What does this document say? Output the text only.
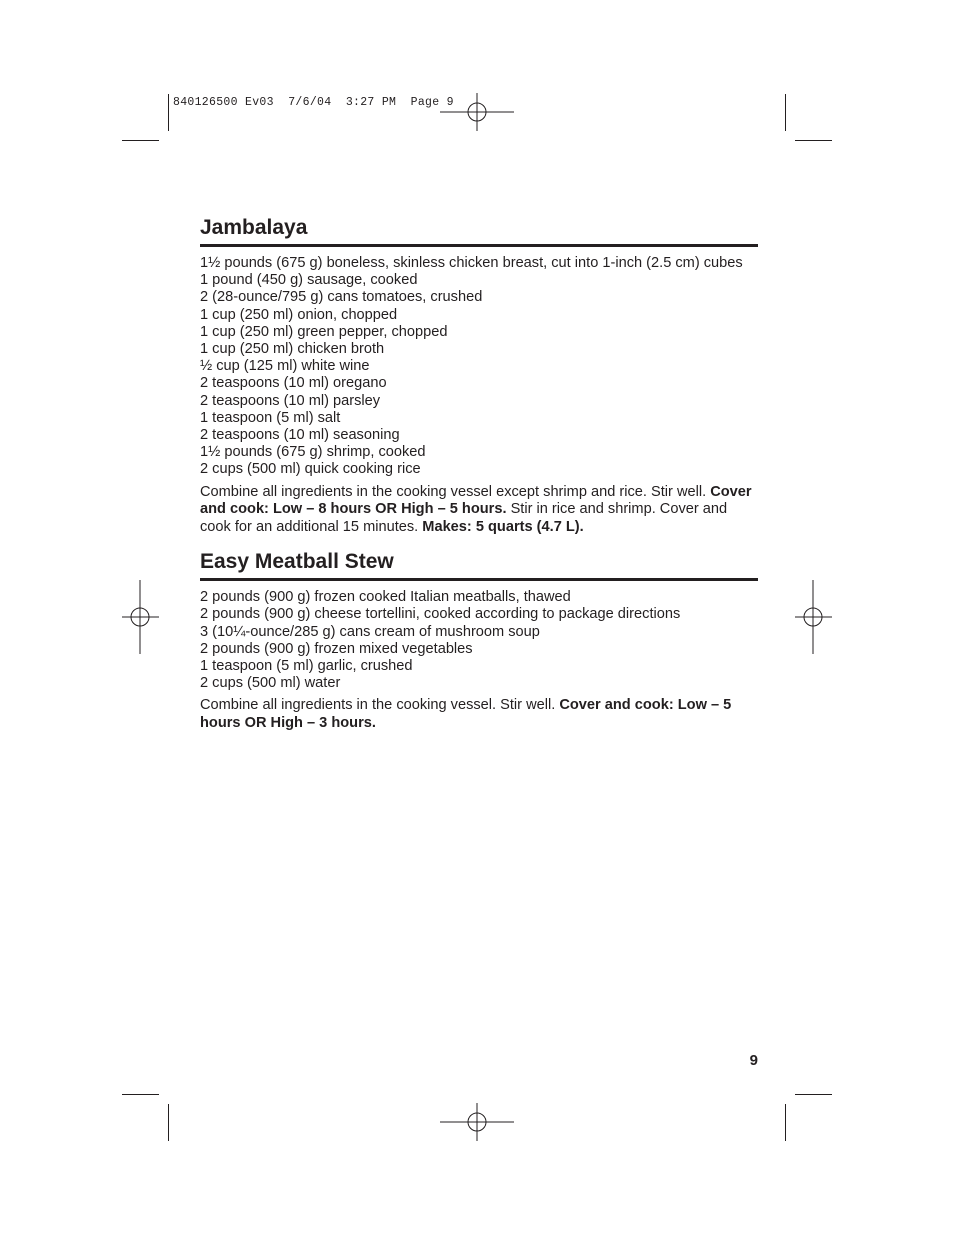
840126500 Ev03  7/6/04  3:27 PM  Page 9
Jambalaya
1½ pounds (675 g) boneless, skinless chicken breast, cut into 1-inch (2.5 cm) cubes
1 pound (450 g) sausage, cooked
2 (28-ounce/795 g) cans tomatoes, crushed
1 cup (250 ml) onion, chopped
1 cup (250 ml) green pepper, chopped
1 cup (250 ml) chicken broth
½ cup (125 ml) white wine
2 teaspoons (10 ml) oregano
2 teaspoons (10 ml) parsley
1 teaspoon (5 ml) salt
2 teaspoons (10 ml) seasoning
1½ pounds (675 g) shrimp, cooked
2 cups (500 ml) quick cooking rice

Combine all ingredients in the cooking vessel except shrimp and rice. Stir well. Cover and cook: Low – 8 hours OR High – 5 hours. Stir in rice and shrimp. Cover and cook for an additional 15 minutes. Makes: 5 quarts (4.7 L).

Easy Meatball Stew
2 pounds (900 g) frozen cooked Italian meatballs, thawed
2 pounds (900 g) cheese tortellini, cooked according to package directions
3 (10¼-ounce/285 g) cans cream of mushroom soup
2 pounds (900 g) frozen mixed vegetables
1 teaspoon (5 ml) garlic, crushed
2 cups (500 ml) water

Combine all ingredients in the cooking vessel. Stir well. Cover and cook: Low – 5 hours OR High – 3 hours.

9
